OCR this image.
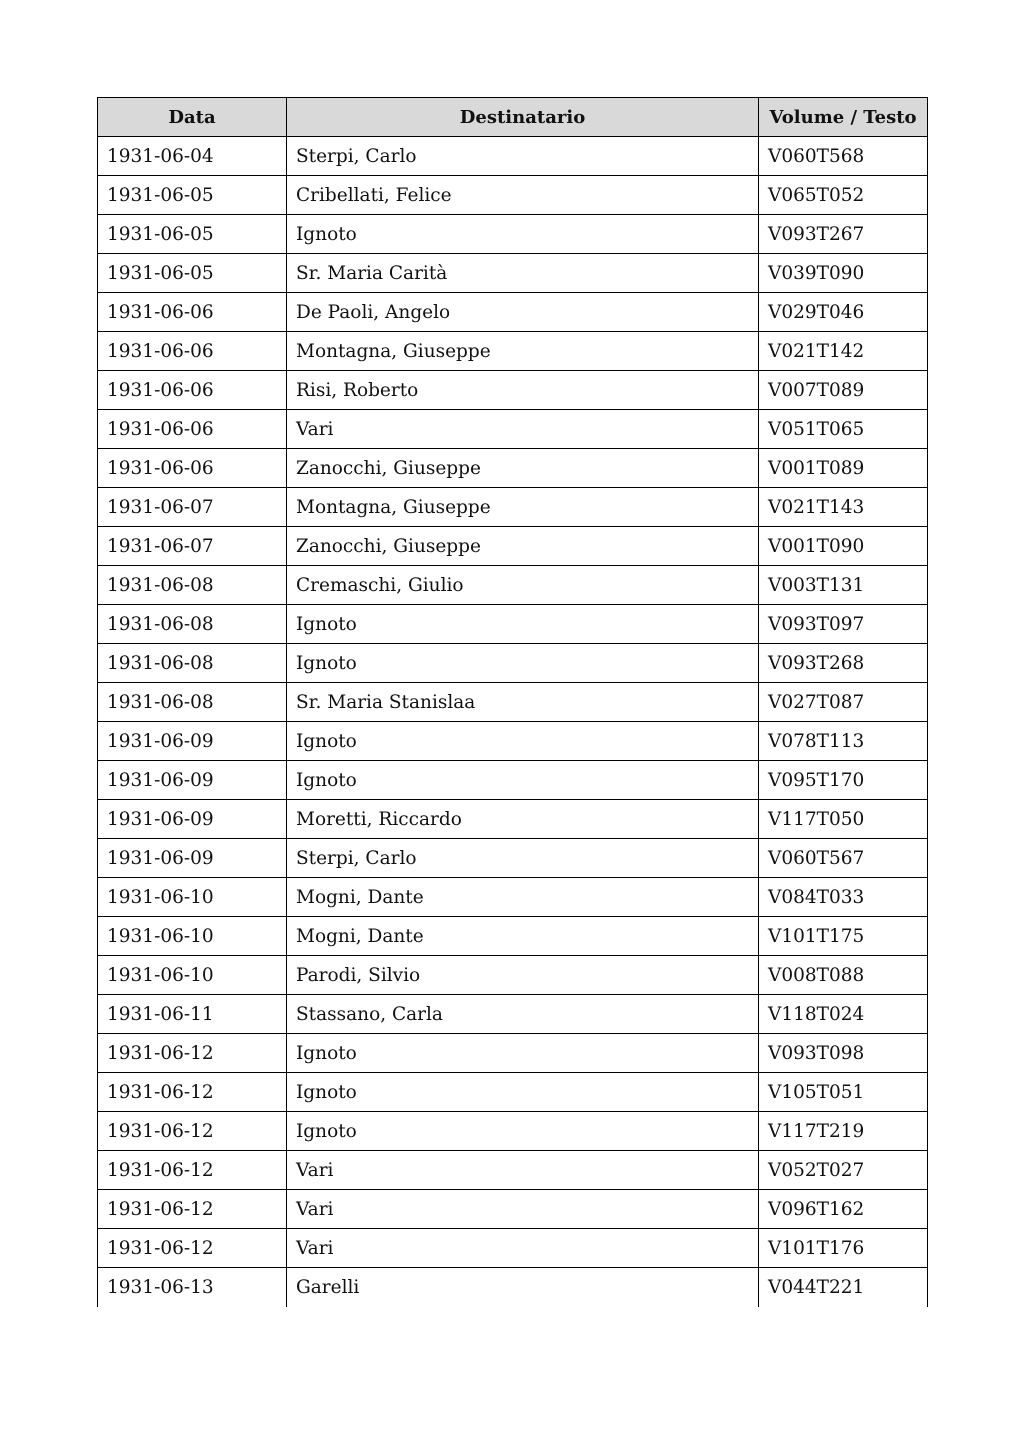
Data	Destinatario	Volume / Testo
1931-06-04	Sterpi, Carlo	V060T568
1931-06-05	Cribellati, Felice	V065T052
1931-06-05	Ignoto	V093T267
1931-06-05	Sr. Maria Carità	V039T090
1931-06-06	De Paoli, Angelo	V029T046
1931-06-06	Montagna, Giuseppe	V021T142
1931-06-06	Risi, Roberto	V007T089
1931-06-06	Vari	V051T065
1931-06-06	Zanocchi, Giuseppe	V001T089
1931-06-07	Montagna, Giuseppe	V021T143
1931-06-07	Zanocchi, Giuseppe	V001T090
1931-06-08	Cremaschi, Giulio	V003T131
1931-06-08	Ignoto	V093T097
1931-06-08	Ignoto	V093T268
1931-06-08	Sr. Maria Stanislaa	V027T087
1931-06-09	Ignoto	V078T113
1931-06-09	Ignoto	V095T170
1931-06-09	Moretti, Riccardo	V117T050
1931-06-09	Sterpi, Carlo	V060T567
1931-06-10	Mogni, Dante	V084T033
1931-06-10	Mogni, Dante	V101T175
1931-06-10	Parodi, Silvio	V008T088
1931-06-11	Stassano, Carla	V118T024
1931-06-12	Ignoto	V093T098
1931-06-12	Ignoto	V105T051
1931-06-12	Ignoto	V117T219
1931-06-12	Vari	V052T027
1931-06-12	Vari	V096T162
1931-06-12	Vari	V101T176
1931-06-13	Garelli	V044T221
